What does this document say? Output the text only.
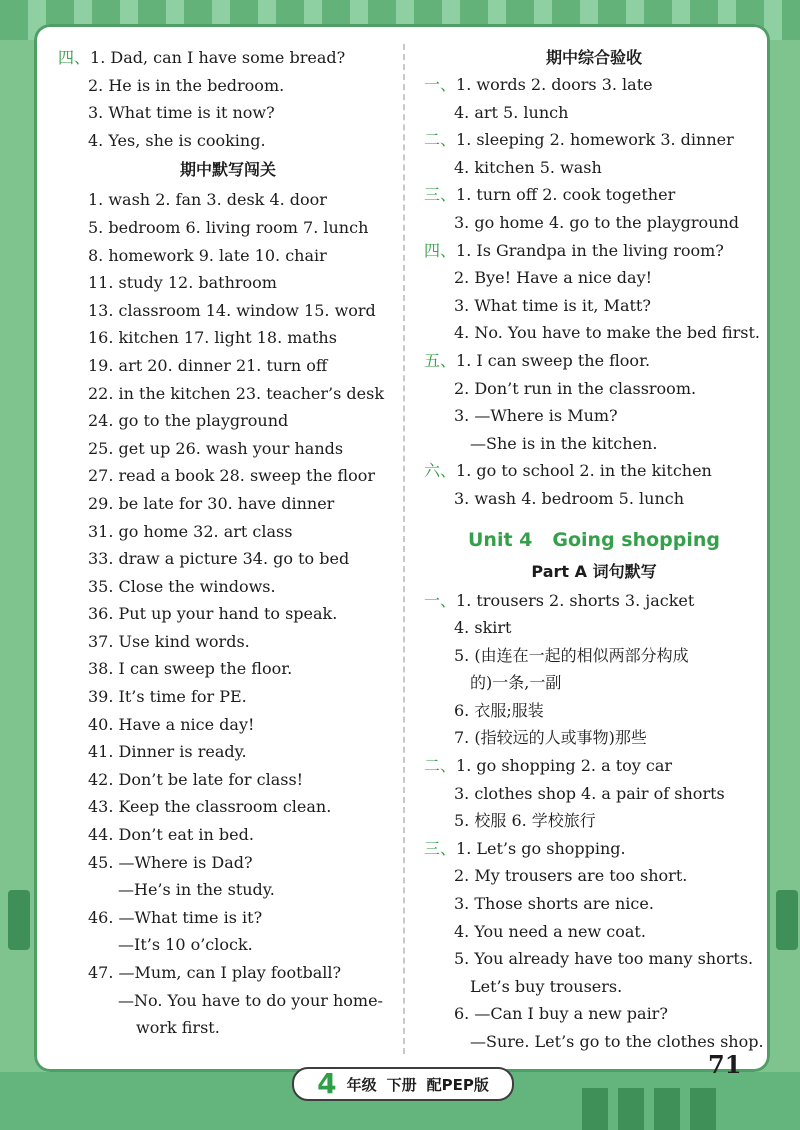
四、1. Dad, can I have some bread?
2. He is in the bedroom.
3. What time is it now?
4. Yes, she is cooking.
期中默写闯关
1. wash 2. fan 3. desk 4. door
5. bedroom 6. living room 7. lunch
8. homework 9. late 10. chair
11. study 12. bathroom
13. classroom 14. window 15. word
16. kitchen 17. light 18. maths
19. art 20. dinner 21. turn off
22. in the kitchen 23. teacher’s desk
24. go to the playground
25. get up 26. wash your hands
27. read a book 28. sweep the floor
29. be late for 30. have dinner
31. go home 32. art class
33. draw a picture 34. go to bed
35. Close the windows.
36. Put up your hand to speak.
37. Use kind words.
38. I can sweep the floor.
39. It’s time for PE.
40. Have a nice day!
41. Dinner is ready.
42. Don’t be late for class!
43. Keep the classroom clean.
44. Don’t eat in bed.
45. —Where is Dad?
—He’s in the study.
46. —What time is it?
—It’s 10 o’clock.
47. —Mum, can I play football?
—No. You have to do your home-
work first.
期中综合验收
一、1. words 2. doors 3. late
4. art 5. lunch
二、1. sleeping 2. homework 3. dinner
4. kitchen 5. wash
三、1. turn off 2. cook together
3. go home 4. go to the playground
四、1. Is Grandpa in the living room?
2. Bye! Have a nice day!
3. What time is it, Matt?
4. No. You have to make the bed first.
五、1. I can sweep the floor.
2. Don’t run in the classroom.
3. —Where is Mum?
—She is in the kitchen.
六、1. go to school 2. in the kitchen
3. wash 4. bedroom 5. lunch
Unit 4 Going shopping
Part A 词句默写
一、1. trousers 2. shorts 3. jacket
4. skirt
5. (由连在一起的相似两部分构成
的)一条,一副
6. 衣服;服装
7. (指较远的人或事物)那些
二、1. go shopping 2. a toy car
3. clothes shop 4. a pair of shorts
5. 校服 6. 学校旅行
三、1. Let’s go shopping.
2. My trousers are too short.
3. Those shorts are nice.
4. You need a new coat.
5. You already have too many shorts.
Let’s buy trousers.
6. —Can I buy a new pair?
—Sure. Let’s go to the clothes shop.
4 年级 下册 配PEP版
71
